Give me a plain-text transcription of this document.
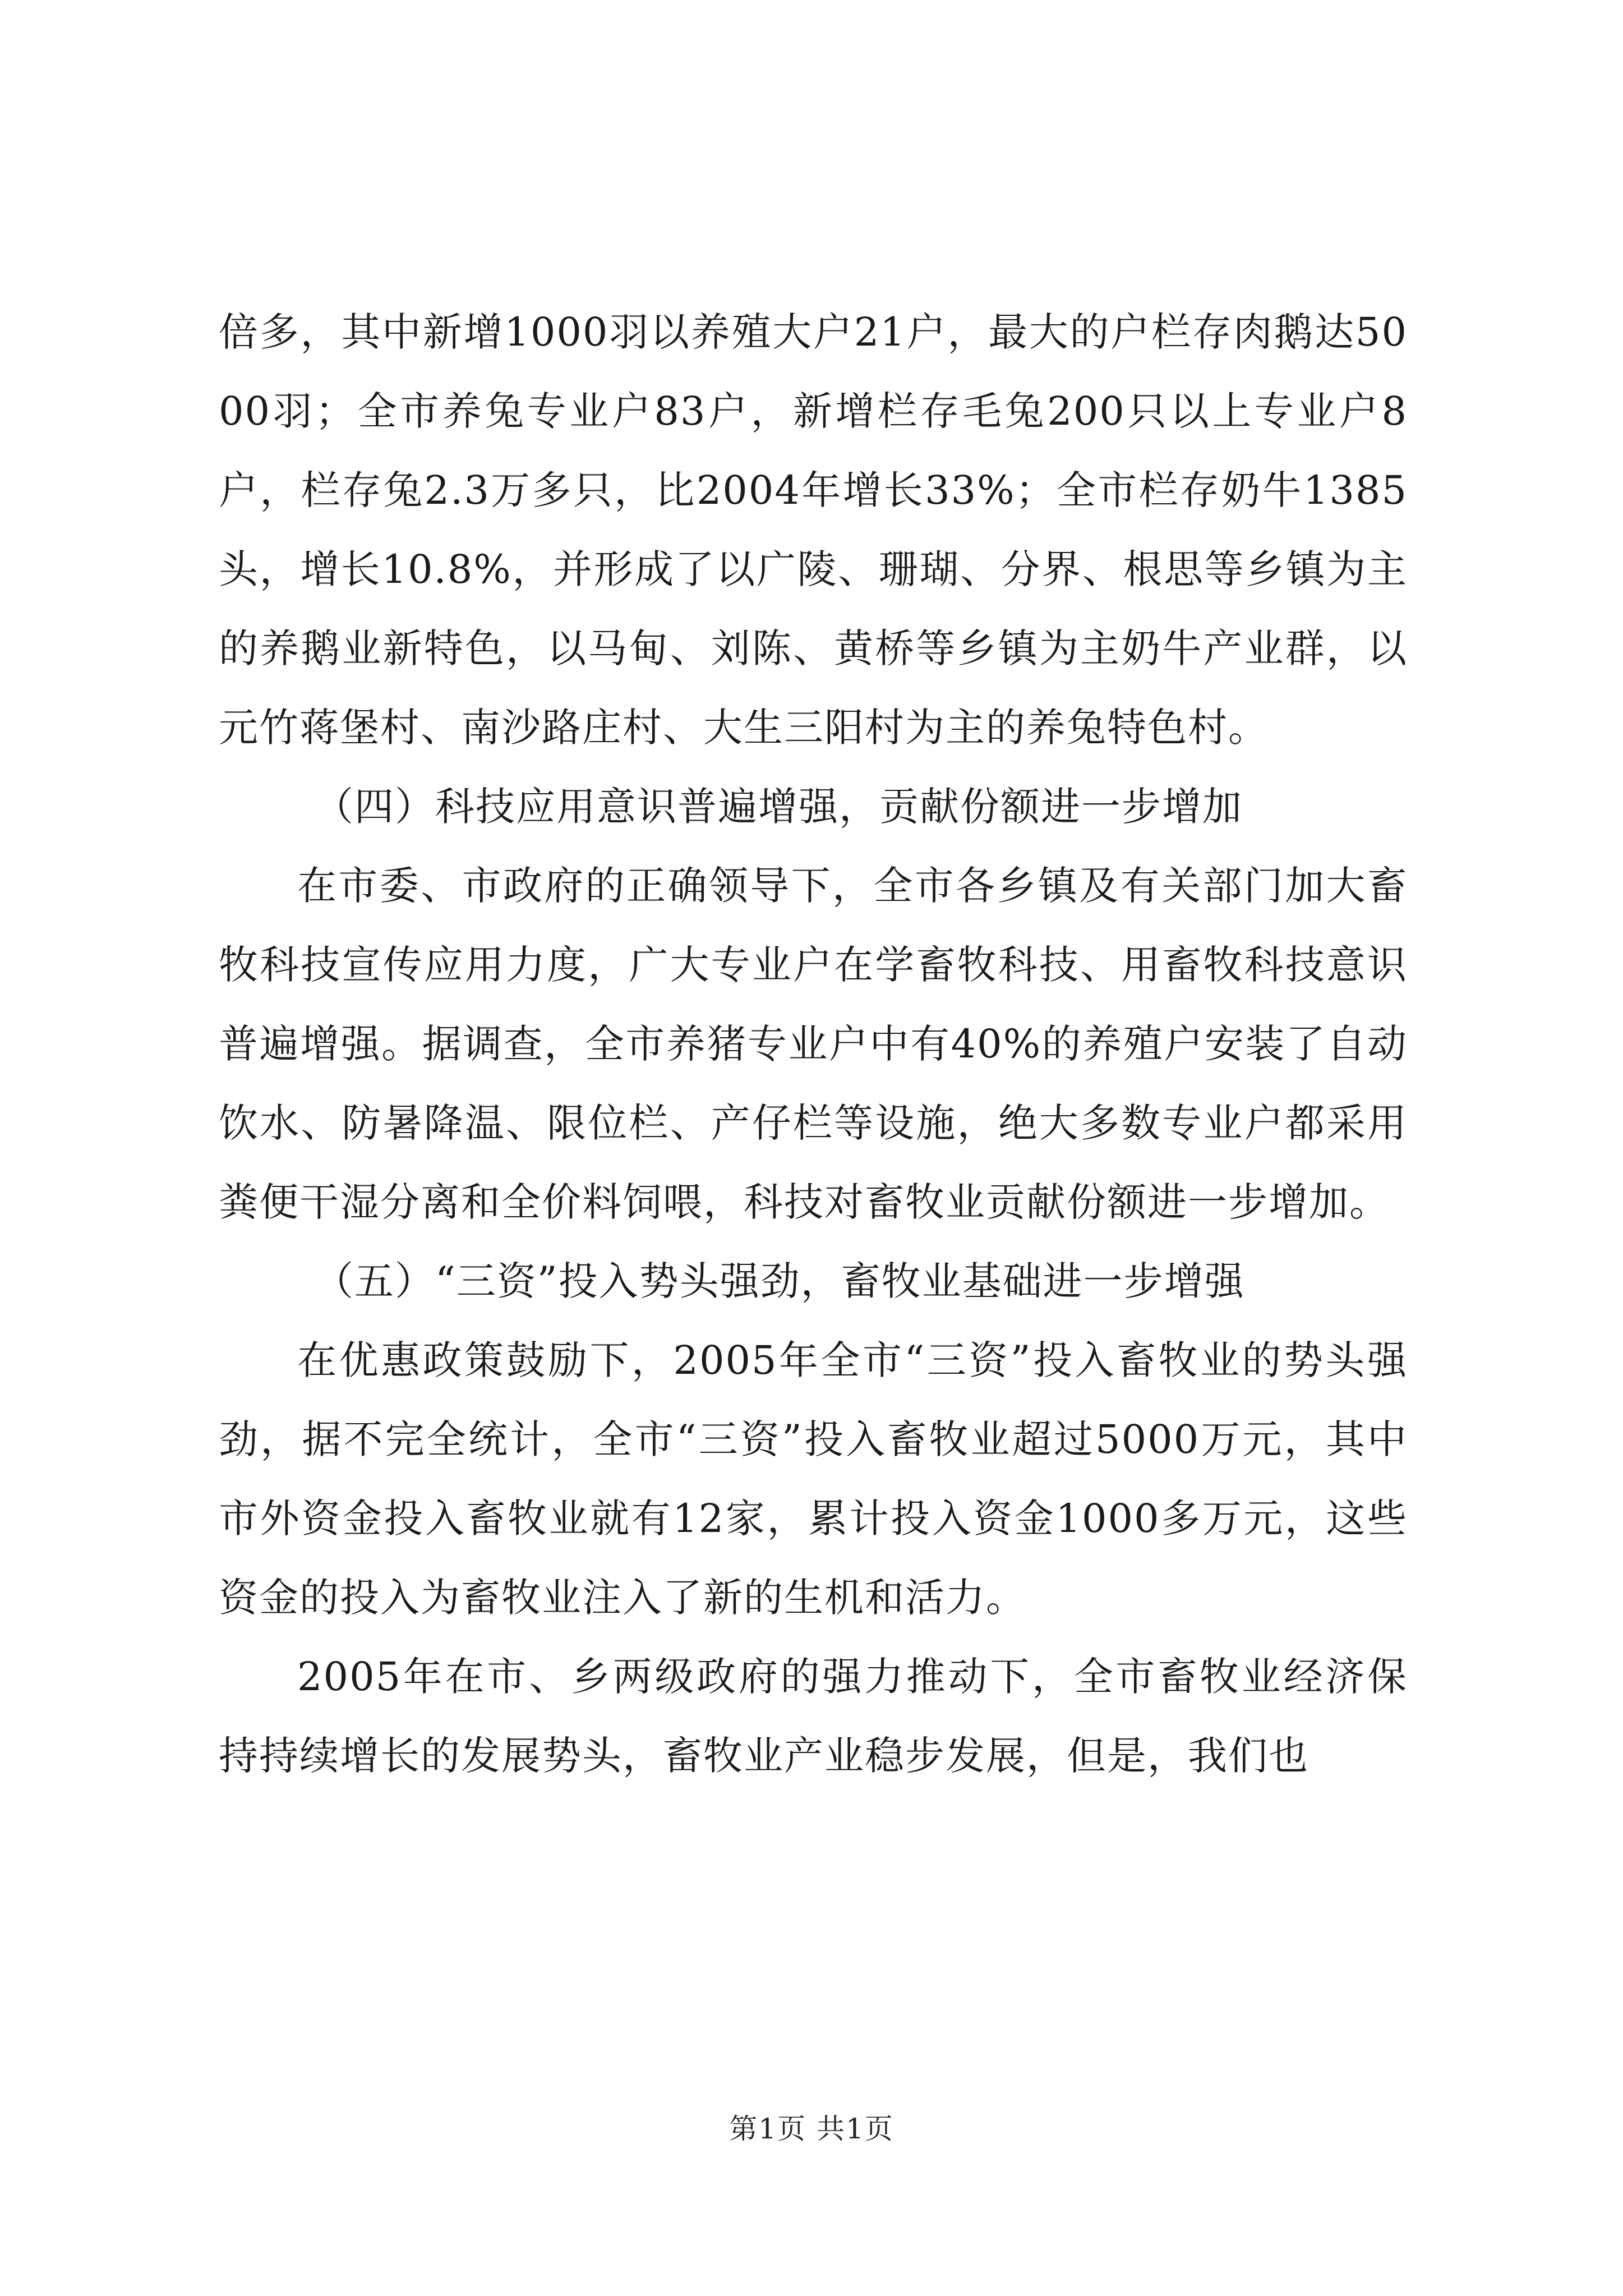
倍多，其中新增1000羽以养殖大户21户，最大的户栏存肉鹅达5000羽；全市养兔专业户83户，新增栏存毛兔200只以上专业户8户，栏存兔2.3万多只，比2004年增长33%；全市栏存奶牛1385头，增长10.8%，并形成了以广陵、珊瑚、分界、根思等乡镇为主的养鹅业新特色，以马甸、刘陈、黄桥等乡镇为主奶牛产业群，以元竹蒋堡村、南沙路庄村、大生三阳村为主的养兔特色村。

（四）科技应用意识普遍增强，贡献份额进一步增加

在市委、市政府的正确领导下，全市各乡镇及有关部门加大畜牧科技宣传应用力度，广大专业户在学畜牧科技、用畜牧科技意识普遍增强。据调查，全市养猪专业户中有40%的养殖户安装了自动饮水、防暑降温、限位栏、产仔栏等设施，绝大多数专业户都采用粪便干湿分离和全价料饲喂，科技对畜牧业贡献份额进一步增加。

（五）“三资”投入势头强劲，畜牧业基础进一步增强

在优惠政策鼓励下，2005年全市“三资”投入畜牧业的势头强劲，据不完全统计，全市“三资”投入畜牧业超过5000万元，其中市外资金投入畜牧业就有12家，累计投入资金1000多万元，这些资金的投入为畜牧业注入了新的生机和活力。

2005年在市、乡两级政府的强力推动下，全市畜牧业经济保持持续增长的发展势头，畜牧业产业稳步发展，但是，我们也

第1页 共1页
